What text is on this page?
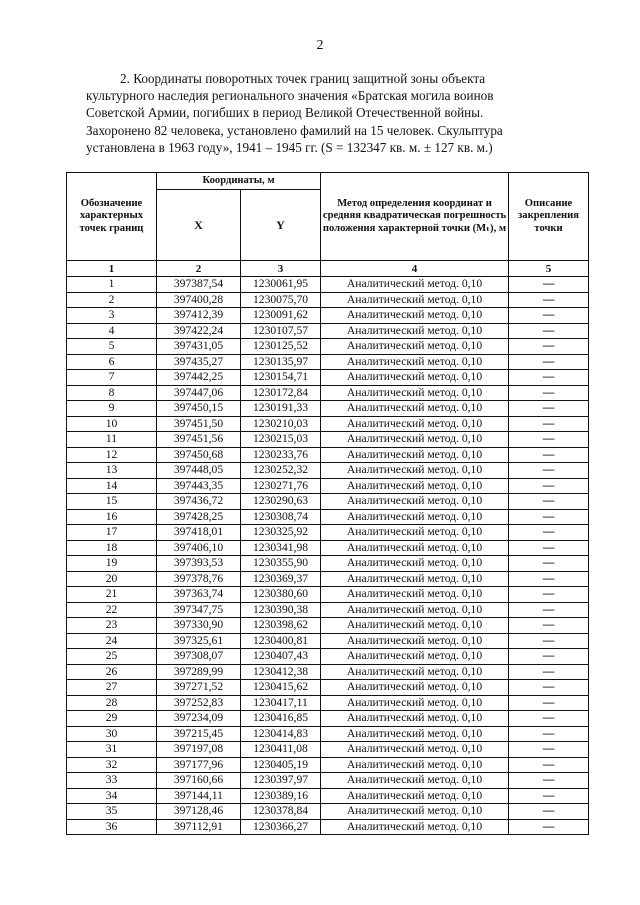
2

2. Координаты поворотных точек границ защитной зоны объекта
культурного наследия регионального значения «Братская могила воинов
Советской Армии, погибших в период Великой Отечественной войны.
Захоронено 82 человека, установлено фамилий на 15 человек. Скульптура
установлена в 1963 году», 1941 – 1945 гг. (S = 132347 кв. м. ± 127 кв. м.)

Обозначение характерных точек границ	Координаты, м		Метод определения координат и средняя квадратическая погрешность положения характерной точки (Mₜ), м	Описание закрепления точки
	X	Y		
1	2	3	4	5
1	397387,54	1230061,95	Аналитический метод. 0,10	—
2	397400,28	1230075,70	Аналитический метод. 0,10	—
3	397412,39	1230091,62	Аналитический метод. 0,10	—
4	397422,24	1230107,57	Аналитический метод. 0,10	—
5	397431,05	1230125,52	Аналитический метод. 0,10	—
6	397435,27	1230135,97	Аналитический метод. 0,10	—
7	397442,25	1230154,71	Аналитический метод. 0,10	—
8	397447,06	1230172,84	Аналитический метод. 0,10	—
9	397450,15	1230191,33	Аналитический метод. 0,10	—
10	397451,50	1230210,03	Аналитический метод. 0,10	—
11	397451,56	1230215,03	Аналитический метод. 0,10	—
12	397450,68	1230233,76	Аналитический метод. 0,10	—
13	397448,05	1230252,32	Аналитический метод. 0,10	—
14	397443,35	1230271,76	Аналитический метод. 0,10	—
15	397436,72	1230290,63	Аналитический метод. 0,10	—
16	397428,25	1230308,74	Аналитический метод. 0,10	—
17	397418,01	1230325,92	Аналитический метод. 0,10	—
18	397406,10	1230341,98	Аналитический метод. 0,10	—
19	397393,53	1230355,90	Аналитический метод. 0,10	—
20	397378,76	1230369,37	Аналитический метод. 0,10	—
21	397363,74	1230380,60	Аналитический метод. 0,10	—
22	397347,75	1230390,38	Аналитический метод. 0,10	—
23	397330,90	1230398,62	Аналитический метод. 0,10	—
24	397325,61	1230400,81	Аналитический метод. 0,10	—
25	397308,07	1230407,43	Аналитический метод. 0,10	—
26	397289,99	1230412,38	Аналитический метод. 0,10	—
27	397271,52	1230415,62	Аналитический метод. 0,10	—
28	397252,83	1230417,11	Аналитический метод. 0,10	—
29	397234,09	1230416,85	Аналитический метод. 0,10	—
30	397215,45	1230414,83	Аналитический метод. 0,10	—
31	397197,08	1230411,08	Аналитический метод. 0,10	—
32	397177,96	1230405,19	Аналитический метод. 0,10	—
33	397160,66	1230397,97	Аналитический метод. 0,10	—
34	397144,11	1230389,16	Аналитический метод. 0,10	—
35	397128,46	1230378,84	Аналитический метод. 0,10	—
36	397112,91	1230366,27	Аналитический метод. 0,10	—
